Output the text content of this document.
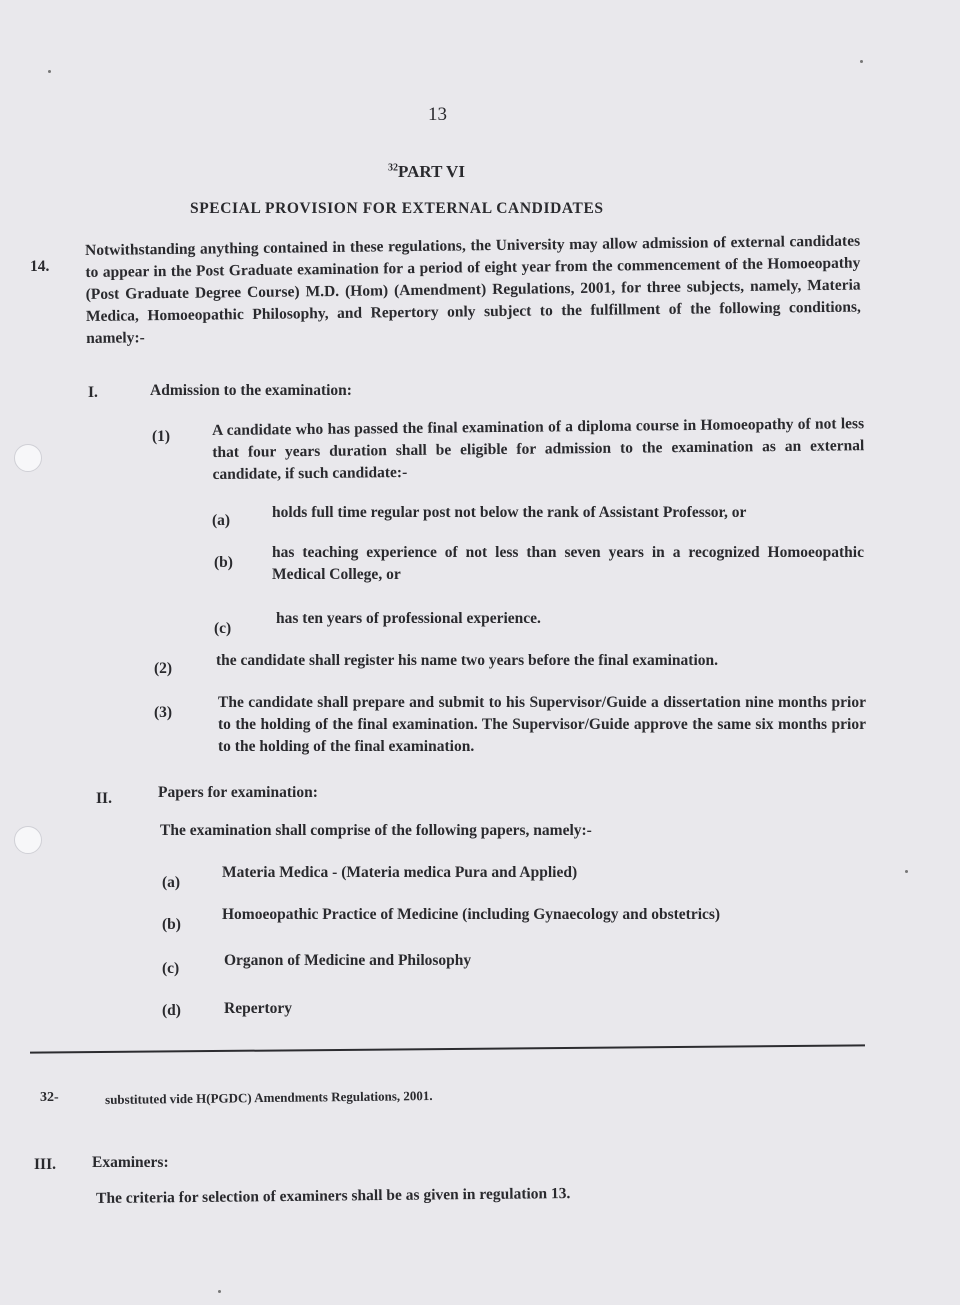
13
$^{32}$PART VI
SPECIAL PROVISION FOR EXTERNAL CANDIDATES
14.
Notwithstanding anything contained in these regulations, the University may allow admission of external candidates to appear in the Post Graduate examination for a period of eight year from the commencement of the Homoeopathy (Post Graduate Degree Course) M.D. (Hom) (Amendment) Regulations, 2001, for three subjects, namely, Materia Medica, Homoeopathic Philosophy, and Repertory only subject to the fulfillment of the following conditions, namely:-
I.	Admission to the examination:
(1)	A candidate who has passed the final examination of a diploma course in Homoeopathy of not less that four years duration shall be eligible for admission to the examination as an external candidate, if such candidate:-
(a)	holds full time regular post not below the rank of Assistant Professor, or
(b)
has teaching experience of not less than seven years in a recognized Homoeopathic Medical College, or
(c)
has ten years of professional experience.
(2)	the candidate shall register his name two years before the final examination.
(3)
The candidate shall prepare and submit to his Supervisor/Guide a dissertation nine months prior to the holding of the final examination. The Supervisor/Guide approve the same six months prior to the holding of the final examination.
II.	Papers for examination:
The examination shall comprise of the following papers, namely:-
(a)
Materia Medica - (Materia medica Pura and Applied)
(b)
Homoeopathic Practice of Medicine (including Gynaecology and obstetrics)
(c)	Organon of Medicine and Philosophy
(d)	Repertory
32-	substituted vide H(PGDC) Amendments Regulations, 2001.
III. Examiners:
The criteria for selection of examiners shall be as given in regulation 13.
